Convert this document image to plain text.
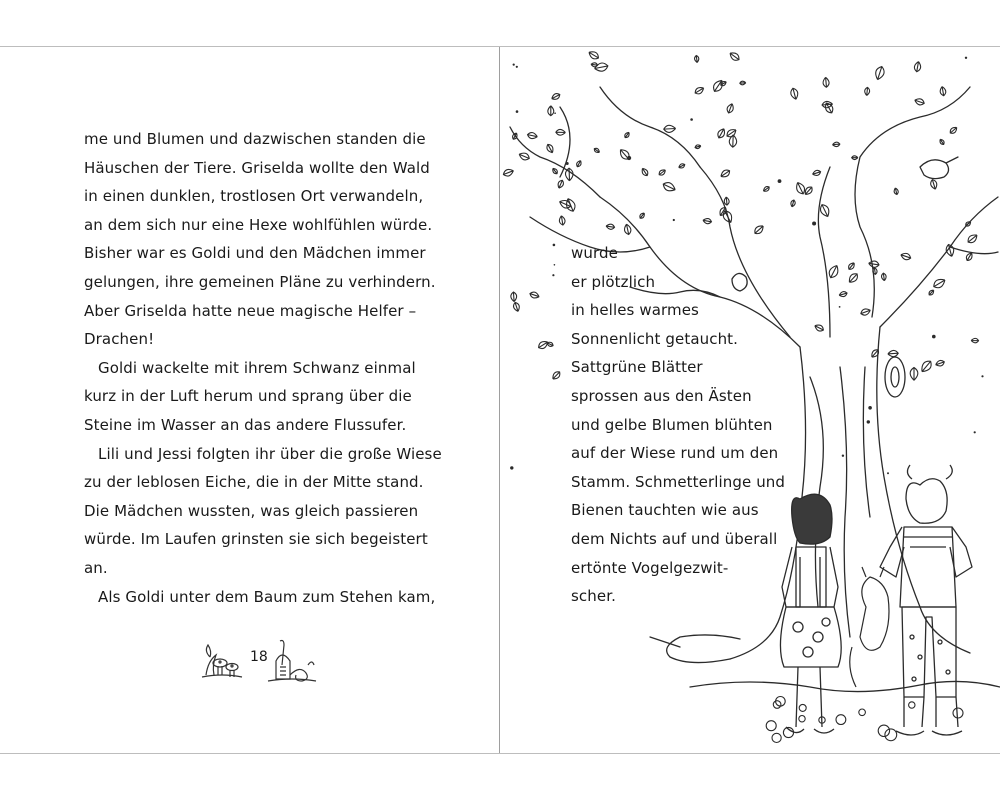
me und Blumen und dazwischen standen die
Häuschen der Tiere. Griselda wollte den Wald
in einen dunklen, trostlosen Ort verwandeln,
an dem sich nur eine Hexe wohlfühlen würde.
Bisher war es Goldi und den Mädchen immer
gelungen, ihre gemeinen Pläne zu verhindern.
Aber Griselda hatte neue magische Helfer –
Drachen!
Goldi wackelte mit ihrem Schwanz einmal
kurz in der Luft herum und sprang über die
Steine im Wasser an das andere Flussufer.
Lili und Jessi folgten ihr über die große Wiese
zu der leblosen Eiche, die in der Mitte stand.
Die Mädchen wussten, was gleich passieren
würde. Im Laufen grinsten sie sich begeistert
an.
Als Goldi unter dem Baum zum Stehen kam,
18
wurde
er plötzlich
in helles warmes
Sonnenlicht getaucht.
Sattgrüne Blätter
sprossen aus den Ästen
und gelbe Blumen blühten
auf der Wiese rund um den
Stamm. Schmetterlinge und
Bienen tauchten wie aus
dem Nichts auf und überall
ertönte Vogelgezwit-
scher.
